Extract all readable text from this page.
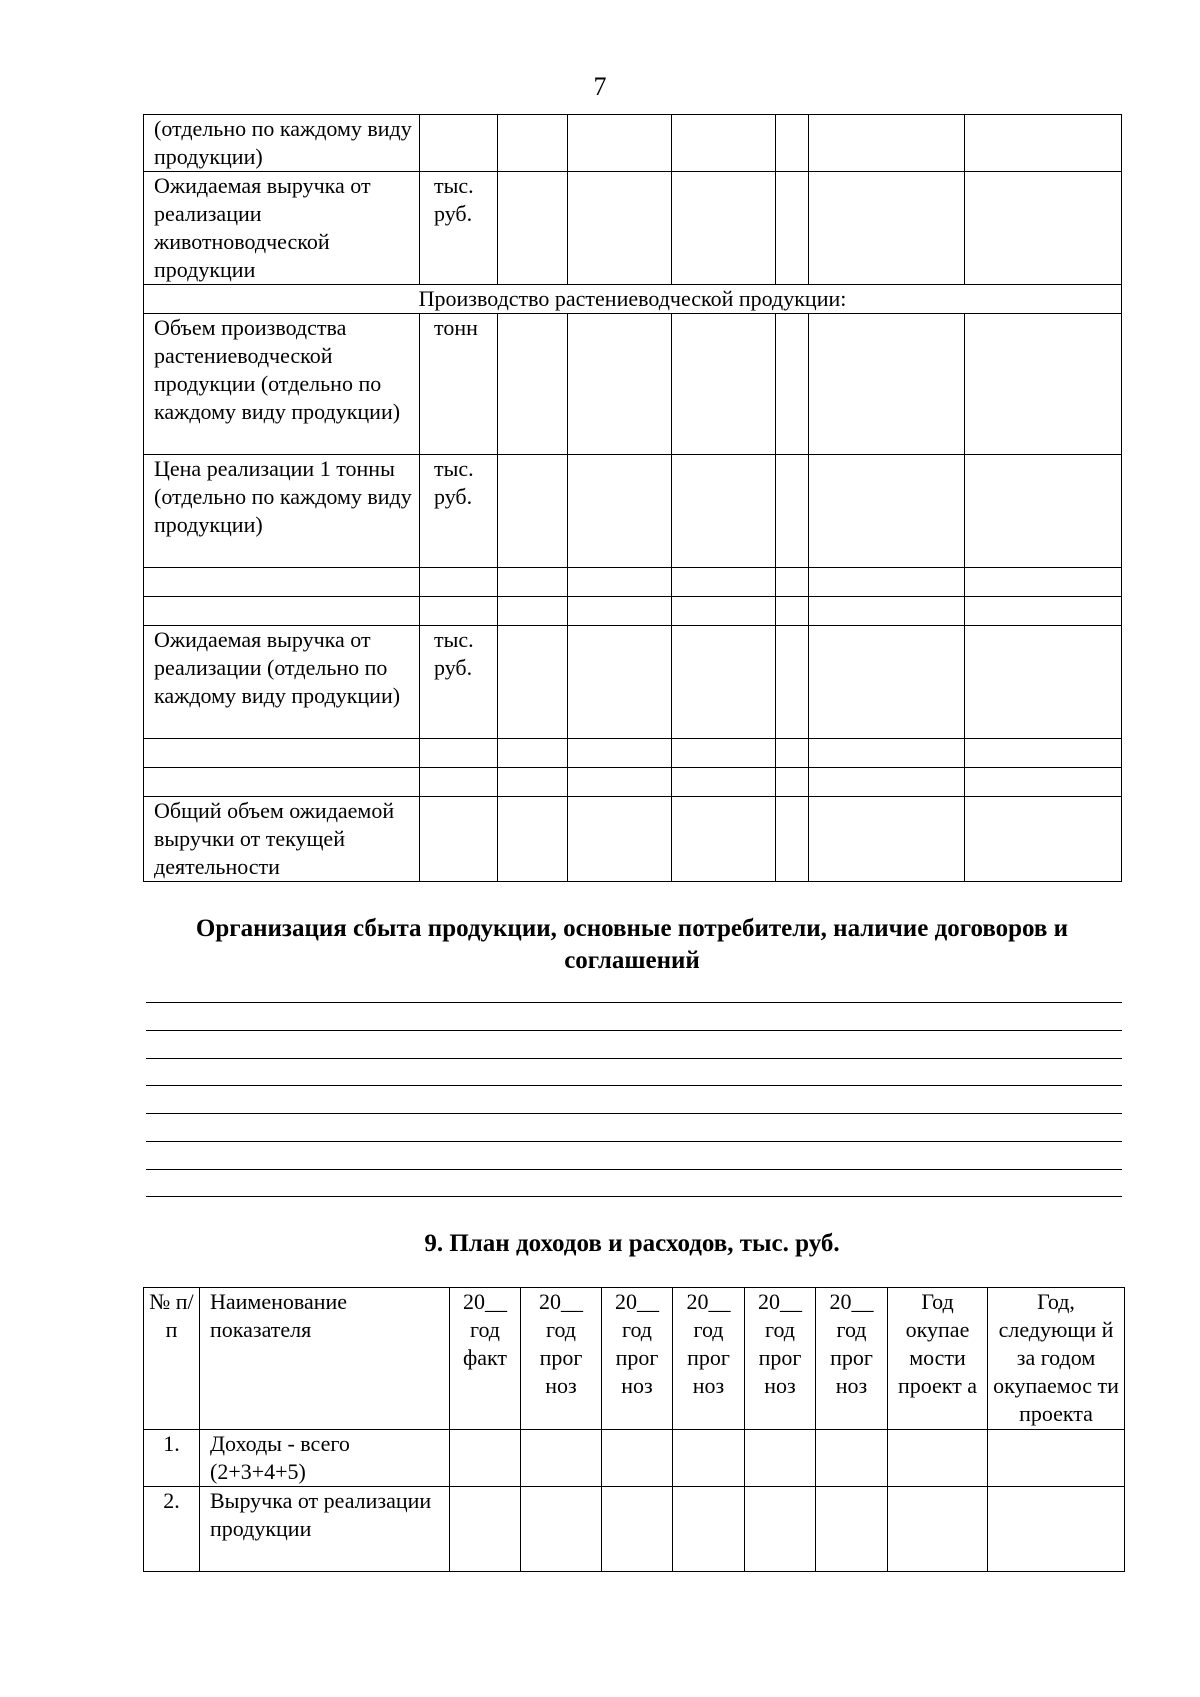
7
(отдельно по каждому виду продукции)							
Ожидаемая выручка от реализации животноводческой продукции	тыс. руб.						
Производство растениеводческой продукции:							
Объем производства растениеводческой продукции (отдельно по каждому виду продукции)	тонн						
Цена реализации 1 тонны (отдельно по каждому виду продукции)	тыс. руб.						

Ожидаемая выручка от реализации (отдельно по каждому виду продукции)	тыс. руб.						

Общий объем ожидаемой выручки от текущей деятельности							
Организация сбыта продукции, основные потребители, наличие договоров и соглашений
9. План доходов и расходов, тыс. руб.
№ п/п	Наименование показателя	20__ год факт	20__ год прог ноз	20__ год прог ноз	20__ год прог ноз	20__ год прог ноз	20__ год прог ноз	Год окупае мости проект а	Год, следующи й за годом окупаемос ти проекта
1.	Доходы - всего (2+3+4+5)								
2.	Выручка от реализации продукции								
